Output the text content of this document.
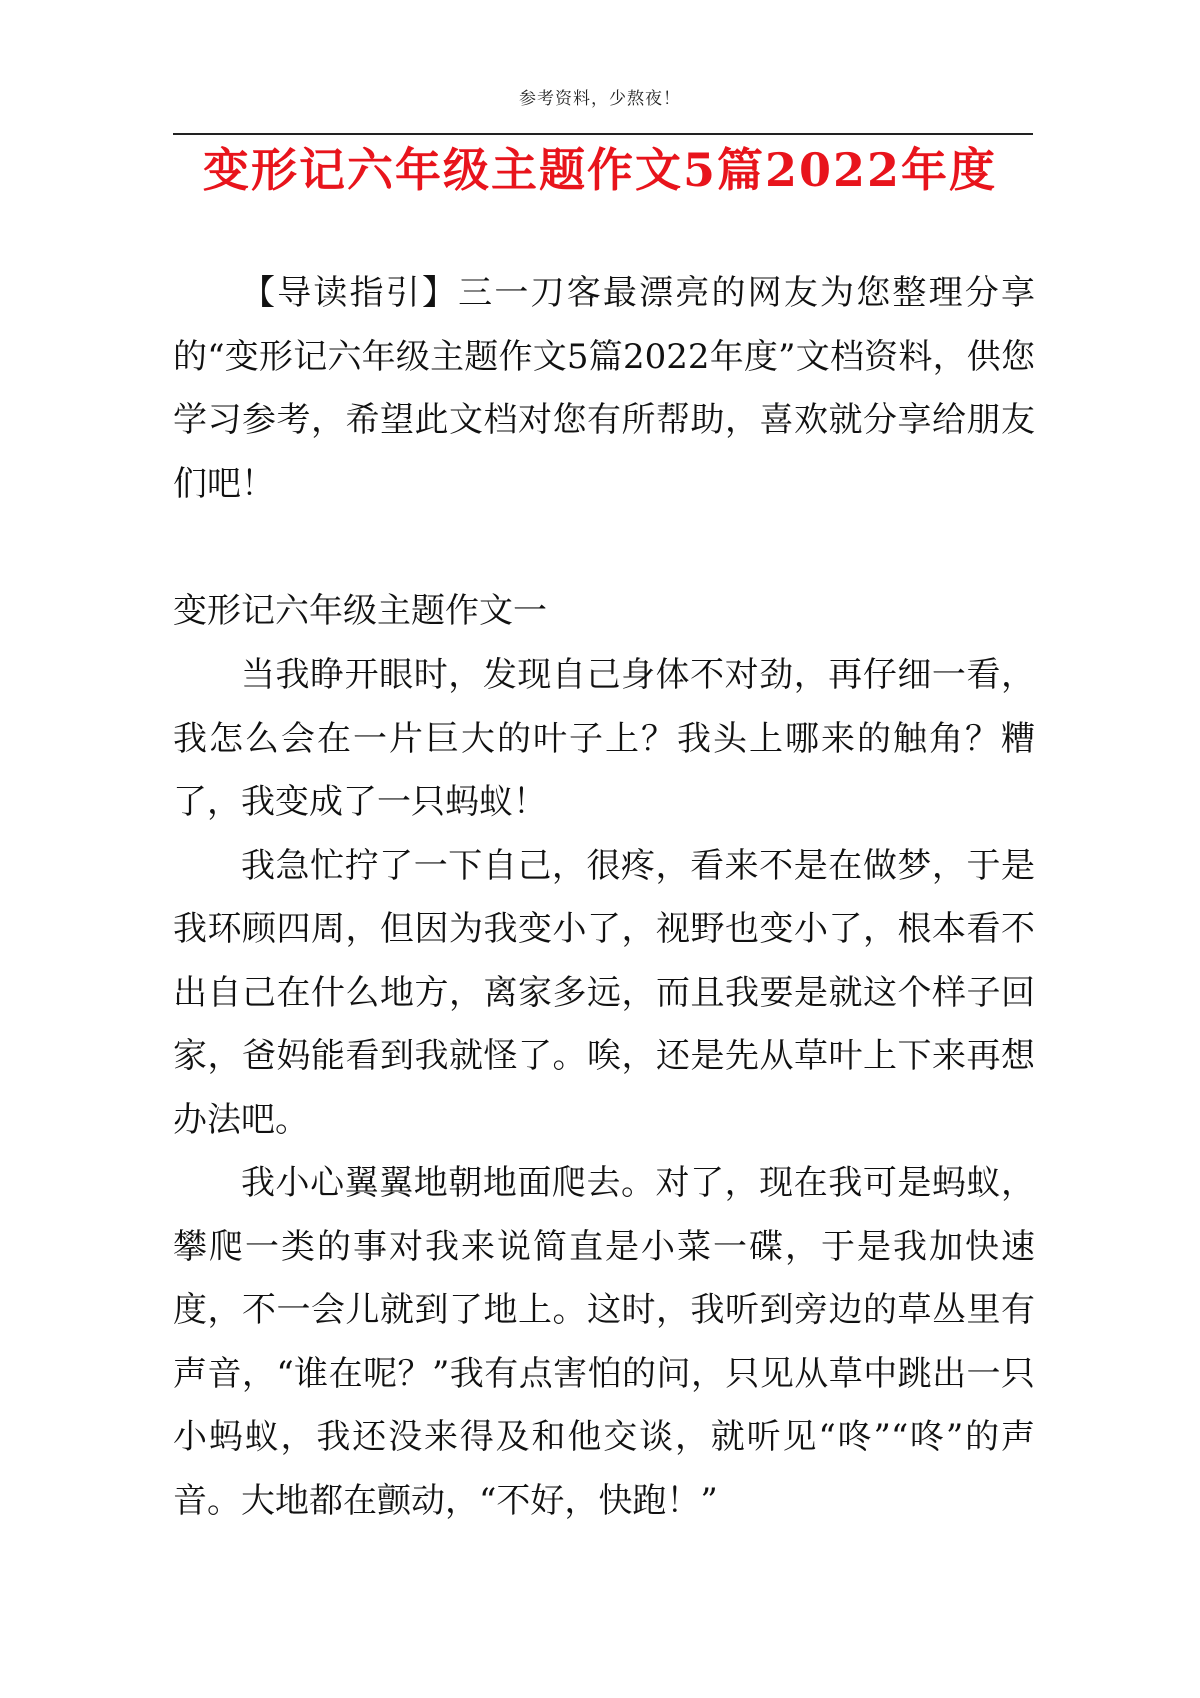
参考资料，少熬夜！
变形记六年级主题作文5篇2022年度

【导读指引】三一刀客最漂亮的网友为您整理分享的“变形记六年级主题作文5篇2022年度”文档资料，供您学习参考，希望此文档对您有所帮助，喜欢就分享给朋友们吧！

变形记六年级主题作文一

当我睁开眼时，发现自己身体不对劲，再仔细一看，我怎么会在一片巨大的叶子上？我头上哪来的触角？糟了，我变成了一只蚂蚁！

我急忙拧了一下自己，很疼，看来不是在做梦，于是我环顾四周，但因为我变小了，视野也变小了，根本看不出自己在什么地方，离家多远，而且我要是就这个样子回家，爸妈能看到我就怪了。唉，还是先从草叶上下来再想办法吧。

我小心翼翼地朝地面爬去。对了，现在我可是蚂蚁，攀爬一类的事对我来说简直是小菜一碟，于是我加快速度，不一会儿就到了地上。这时，我听到旁边的草丛里有声音，“谁在呢？”我有点害怕的问，只见从草中跳出一只小蚂蚁，我还没来得及和他交谈，就听见“咚”“咚”的声音。大地都在颤动，“不好，快跑！”
